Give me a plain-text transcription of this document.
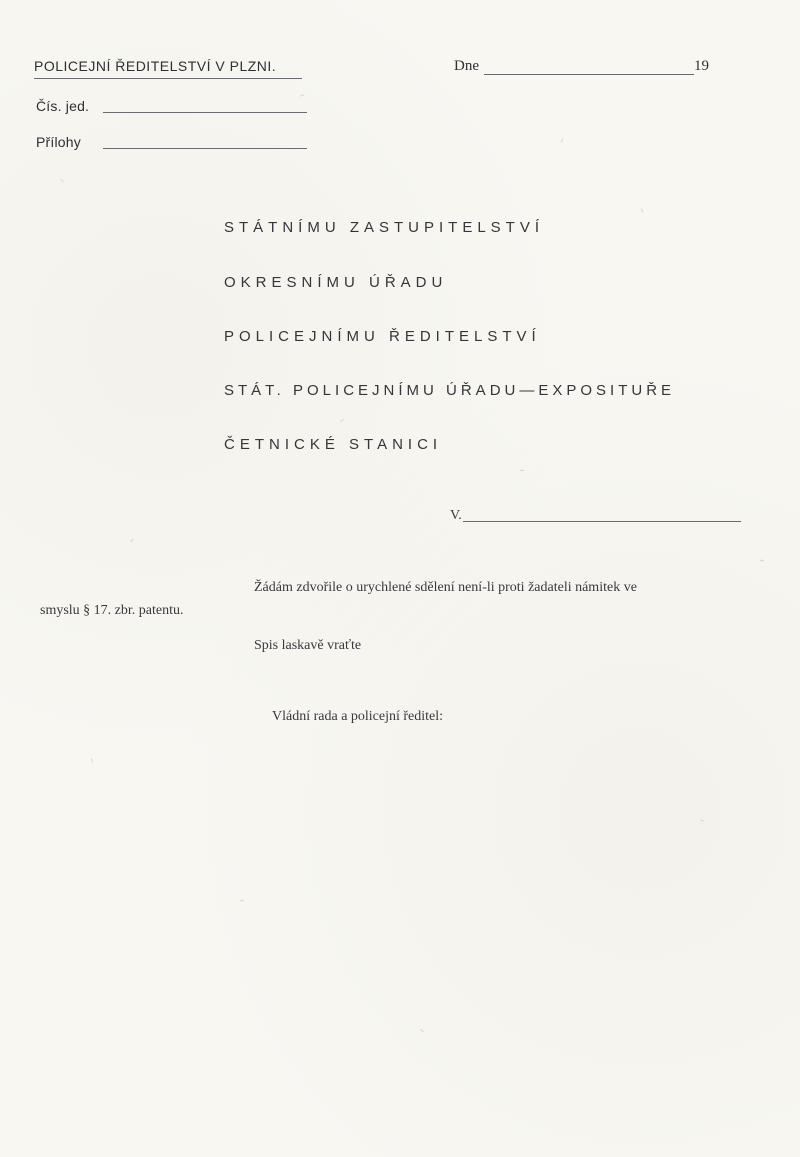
POLICEJNÍ ŘEDITELSTVÍ V PLZNI.	Dne	19
Čís. jed.
Přílohy
STÁTNÍMU ZASTUPITELSTVÍ
OKRESNÍMU ÚŘADU
POLICEJNÍMU ŘEDITELSTVÍ
STÁT. POLICEJNÍMU ÚŘADU—EXPOSITUŘE
ČETNICKÉ STANICI
V.
Žádám zdvořile o urychlené sdělení není-li proti žadateli námitek ve
smyslu § 17. zbr. patentu.
Spis laskavě vraťte
Vládní rada a policejní ředitel:
